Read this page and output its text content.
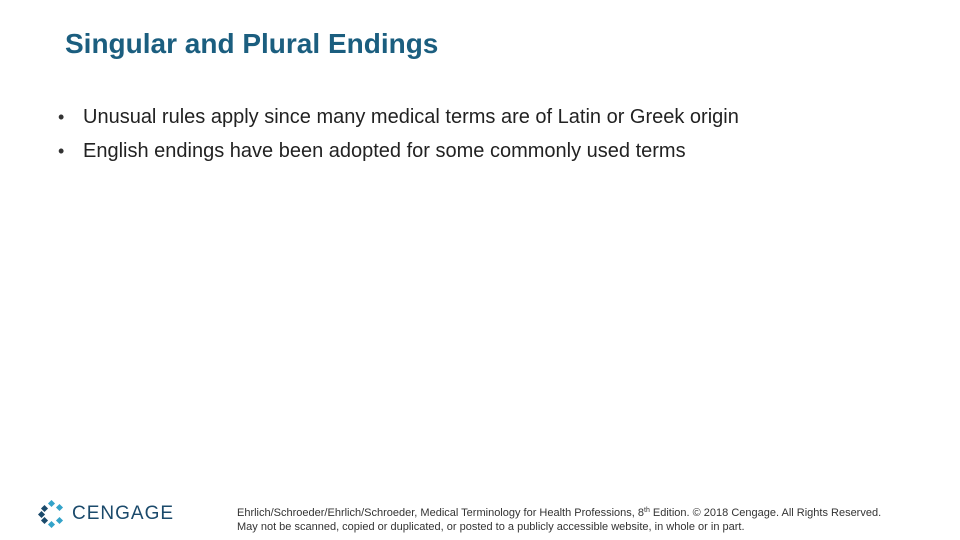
Singular and Plural Endings
• Unusual rules apply since many medical terms are of Latin or Greek origin
• English endings have been adopted for some commonly used terms
CENGAGE	Ehrlich/Schroeder/Ehrlich/Schroeder, Medical Terminology for Health Professions, 8th Edition. © 2018 Cengage. All Rights Reserved.
May not be scanned, copied or duplicated, or posted to a publicly accessible website, in whole or in part.
